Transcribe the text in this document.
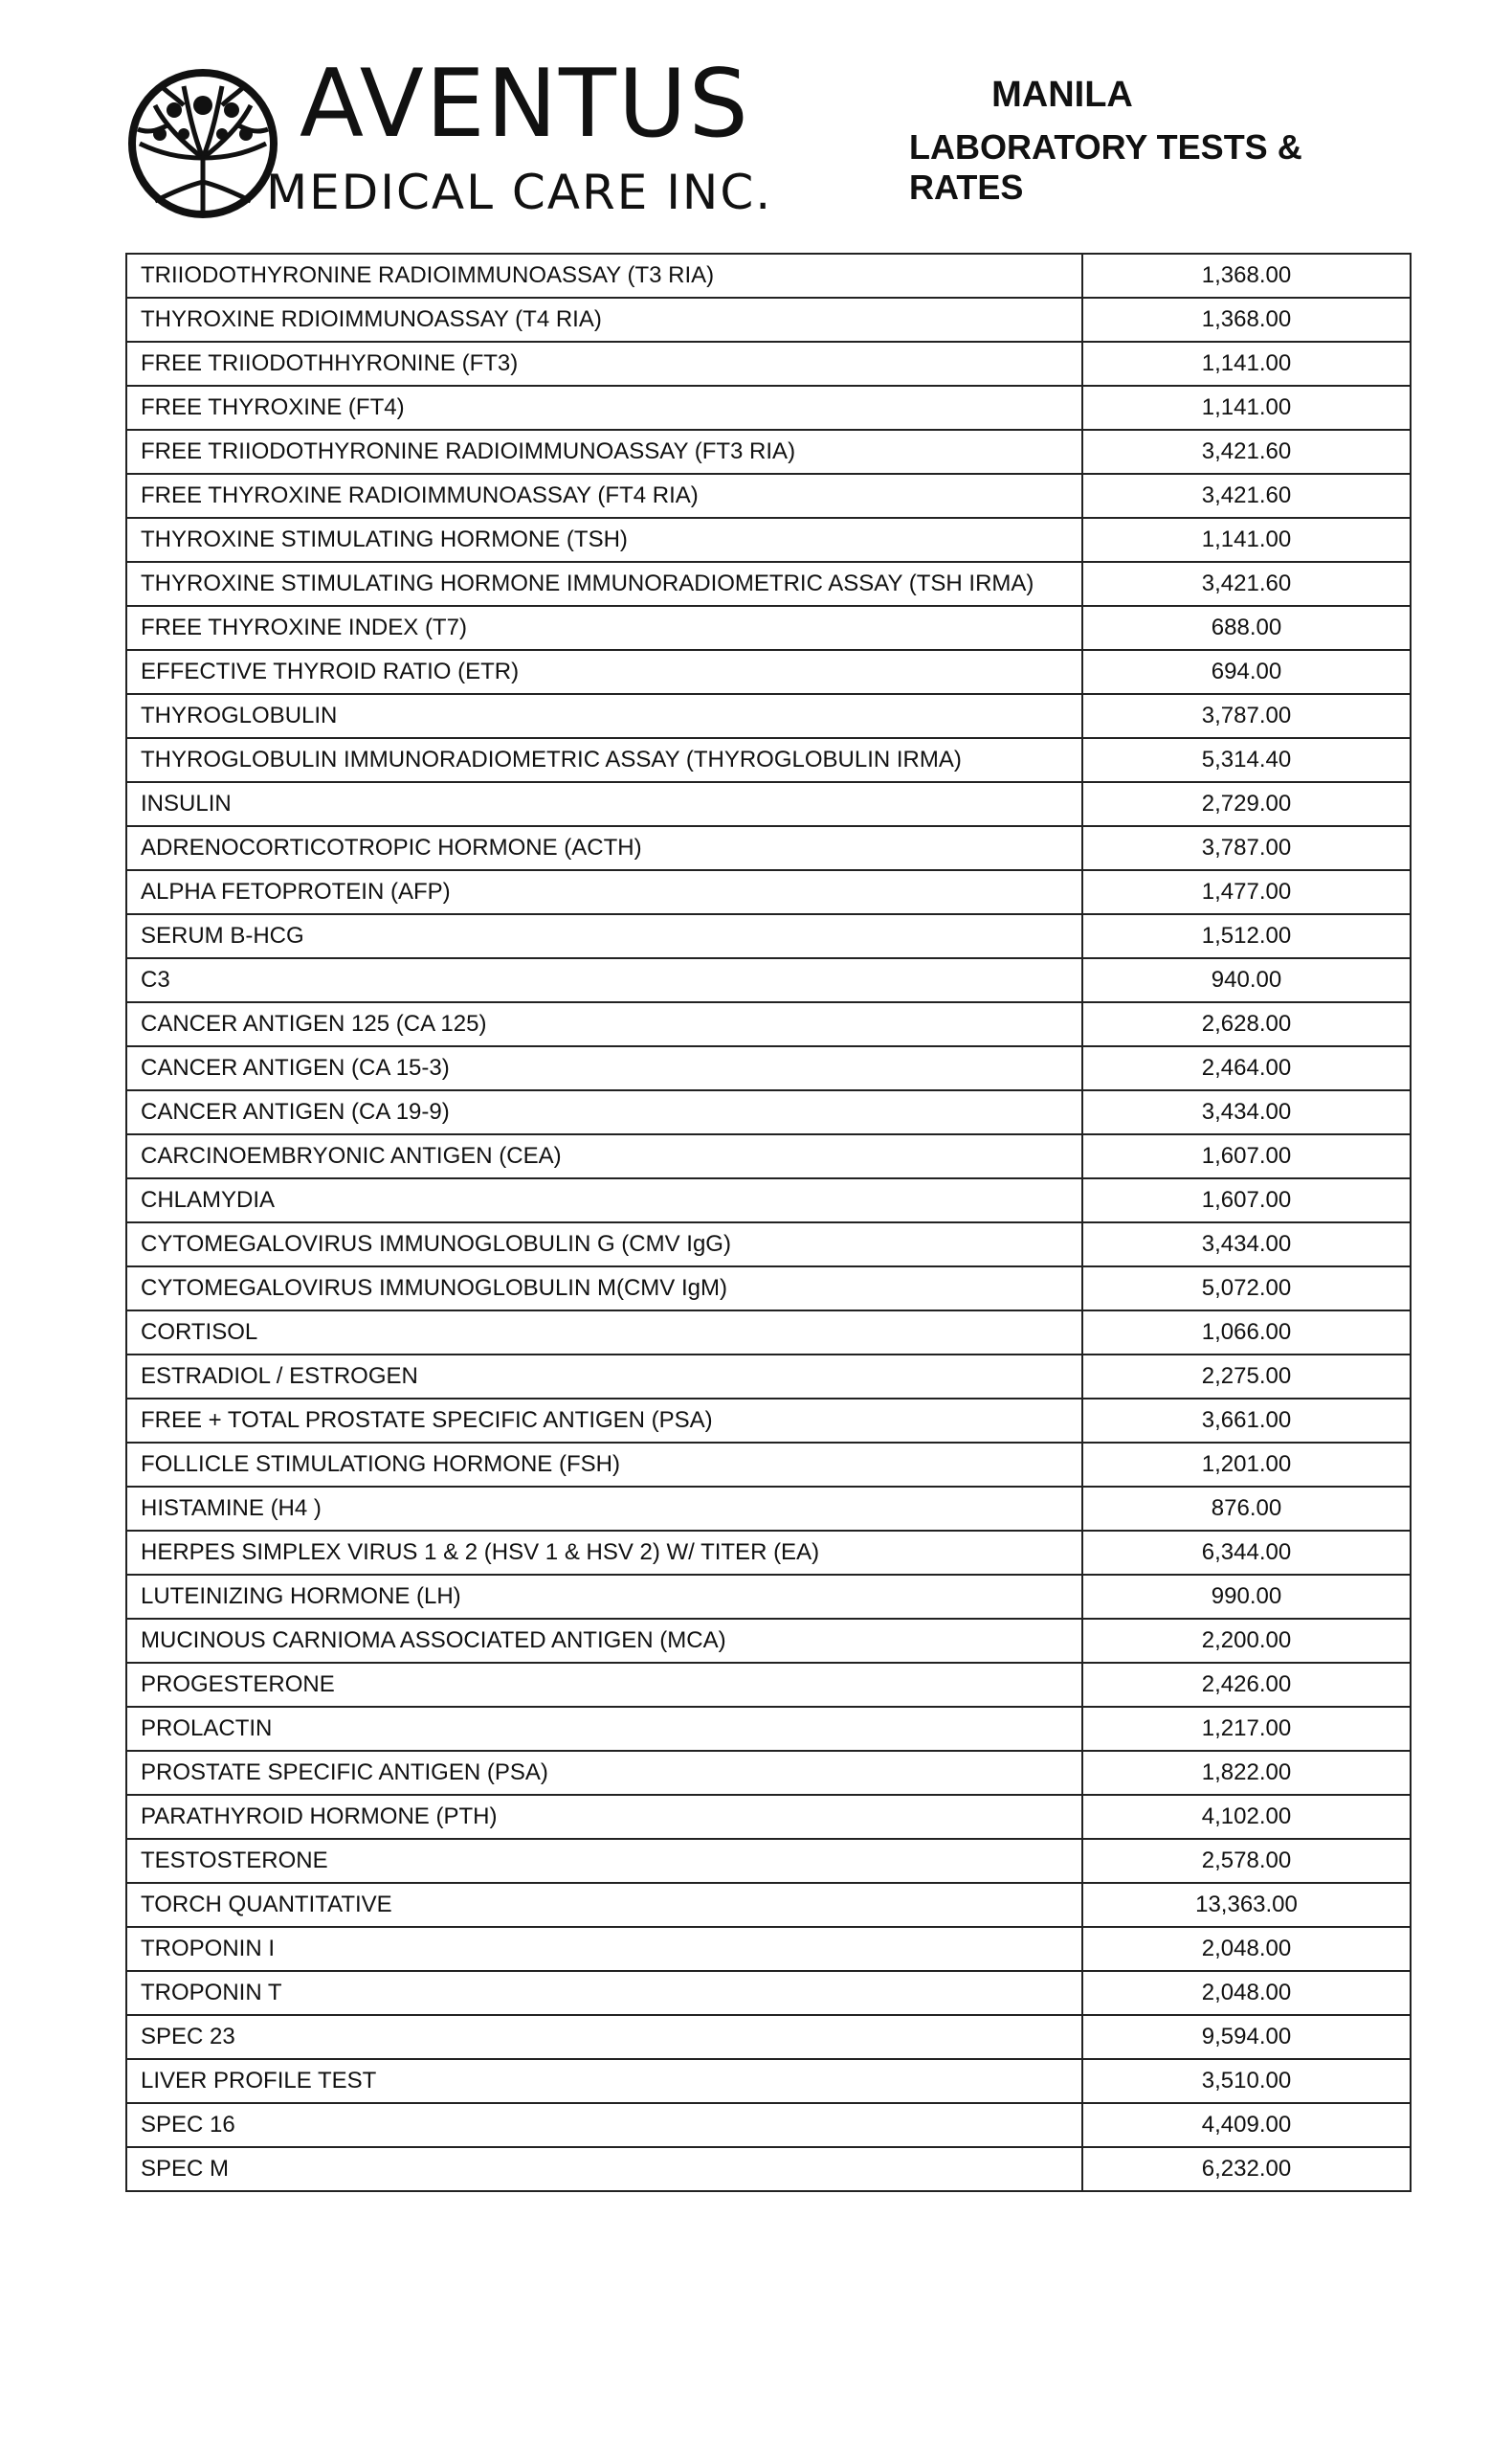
AVENTUS
MEDICAL CARE INC.
MANILA
LABORATORY TESTS & RATES
TRIIODOTHYRONINE RADIOIMMUNOASSAY (T3 RIA)	1,368.00
THYROXINE RDIOIMMUNOASSAY (T4 RIA)	1,368.00
FREE TRIIODOTHHYRONINE (FT3)	1,141.00
FREE THYROXINE (FT4)	1,141.00
FREE TRIIODOTHYRONINE RADIOIMMUNOASSAY (FT3 RIA)	3,421.60
FREE THYROXINE RADIOIMMUNOASSAY (FT4 RIA)	3,421.60
THYROXINE STIMULATING HORMONE (TSH)	1,141.00
THYROXINE STIMULATING HORMONE IMMUNORADIOMETRIC ASSAY (TSH IRMA)	3,421.60
FREE THYROXINE INDEX (T7)	688.00
EFFECTIVE THYROID RATIO (ETR)	694.00
THYROGLOBULIN	3,787.00
THYROGLOBULIN IMMUNORADIOMETRIC ASSAY (THYROGLOBULIN IRMA)	5,314.40
INSULIN	2,729.00
ADRENOCORTICOTROPIC HORMONE (ACTH)	3,787.00
ALPHA FETOPROTEIN (AFP)	1,477.00
SERUM B-HCG	1,512.00
C3	940.00
CANCER ANTIGEN 125 (CA 125)	2,628.00
CANCER ANTIGEN (CA 15-3)	2,464.00
CANCER ANTIGEN (CA 19-9)	3,434.00
CARCINOEMBRYONIC ANTIGEN (CEA)	1,607.00
CHLAMYDIA	1,607.00
CYTOMEGALOVIRUS IMMUNOGLOBULIN G (CMV IgG)	3,434.00
CYTOMEGALOVIRUS IMMUNOGLOBULIN M(CMV IgM)	5,072.00
CORTISOL	1,066.00
ESTRADIOL / ESTROGEN	2,275.00
FREE + TOTAL PROSTATE SPECIFIC ANTIGEN (PSA)	3,661.00
FOLLICLE STIMULATIONG HORMONE (FSH)	1,201.00
HISTAMINE (H4 )	876.00
HERPES SIMPLEX VIRUS 1 & 2 (HSV 1 & HSV 2) W/ TITER (EA)	6,344.00
LUTEINIZING HORMONE (LH)	990.00
MUCINOUS CARNIOMA ASSOCIATED ANTIGEN (MCA)	2,200.00
PROGESTERONE	2,426.00
PROLACTIN	1,217.00
PROSTATE SPECIFIC ANTIGEN (PSA)	1,822.00
PARATHYROID HORMONE (PTH)	4,102.00
TESTOSTERONE	2,578.00
TORCH QUANTITATIVE	13,363.00
TROPONIN I	2,048.00
TROPONIN T	2,048.00
SPEC 23	9,594.00
LIVER PROFILE TEST	3,510.00
SPEC 16	4,409.00
SPEC M	6,232.00
